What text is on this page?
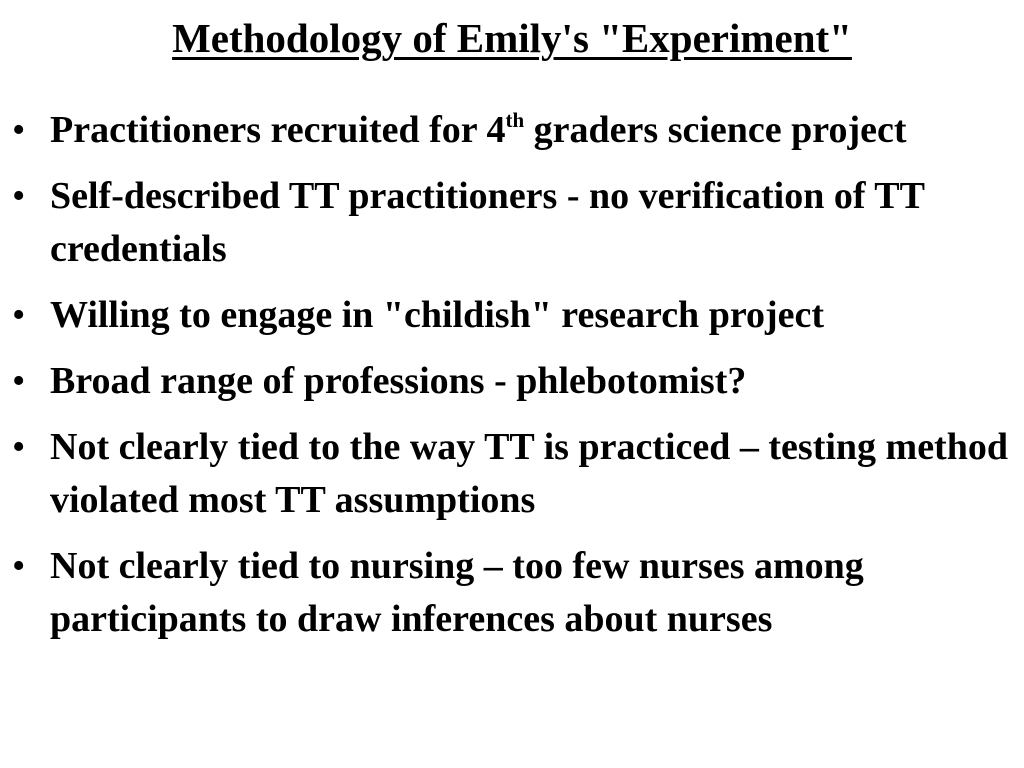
Methodology of Emily's "Experiment"
• Practitioners recruited for 4th graders science project
• Self-described TT practitioners - no verification of TT credentials
• Willing to engage in "childish" research project
• Broad range of professions - phlebotomist?
• Not clearly tied to the way TT is practiced – testing method violated most TT assumptions
• Not clearly tied to nursing – too few nurses among participants to draw inferences about nurses
